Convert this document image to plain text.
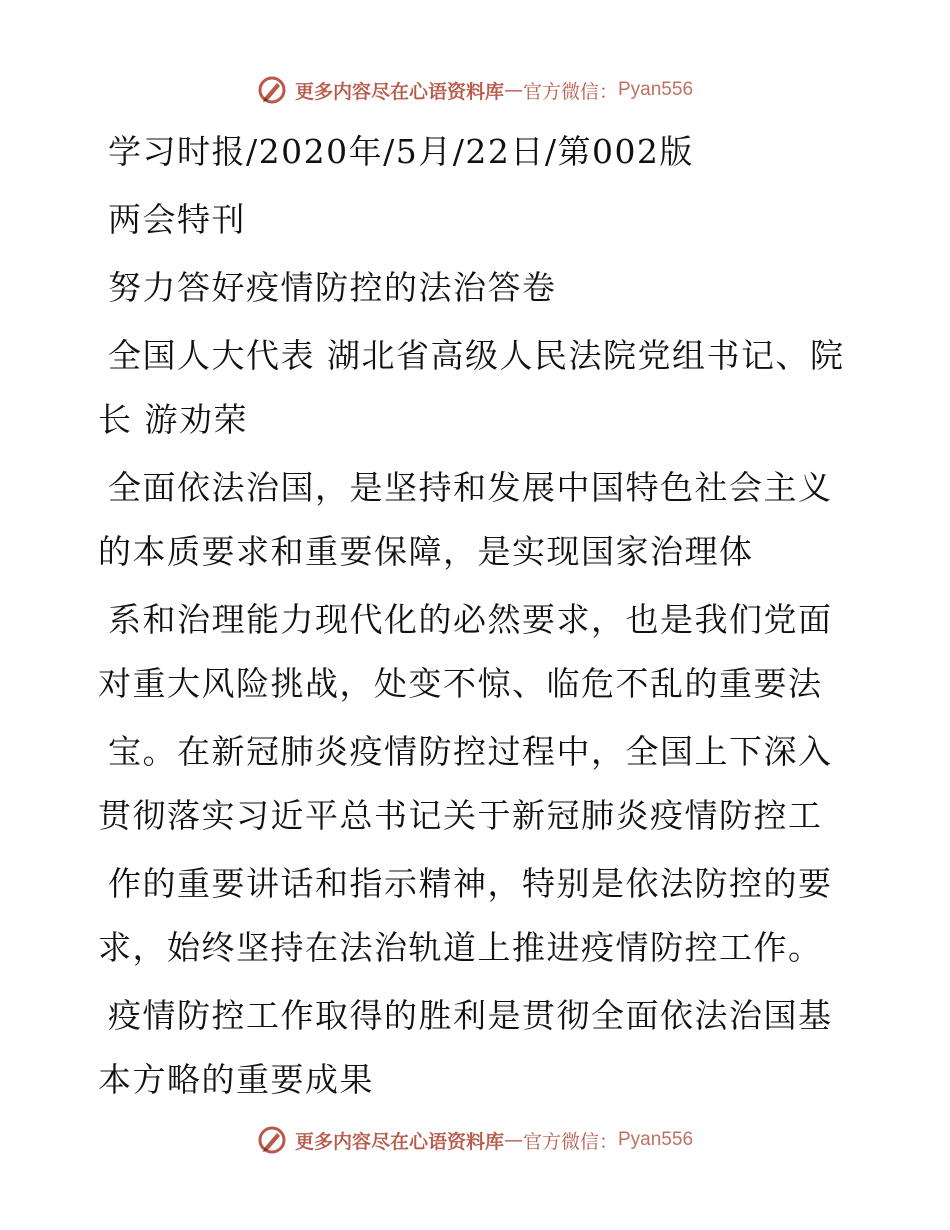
更多内容尽在心语资料库 — 官方微信： Pyan556
学习时报/2020年/5月/22日/第002版
两会特刊
努力答好疫情防控的法治答卷
全国人大代表 湖北省高级人民法院党组书记、院
长 游劝荣
全面依法治国，是坚持和发展中国特色社会主义
的本质要求和重要保障，是实现国家治理体
系和治理能力现代化的必然要求，也是我们党面
对重大风险挑战，处变不惊、临危不乱的重要法
宝。在新冠肺炎疫情防控过程中，全国上下深入
贯彻落实习近平总书记关于新冠肺炎疫情防控工
作的重要讲话和指示精神，特别是依法防控的要
求，始终坚持在法治轨道上推进疫情防控工作。
疫情防控工作取得的胜利是贯彻全面依法治国基
本方略的重要成果
更多内容尽在心语资料库 — 官方微信： Pyan556
